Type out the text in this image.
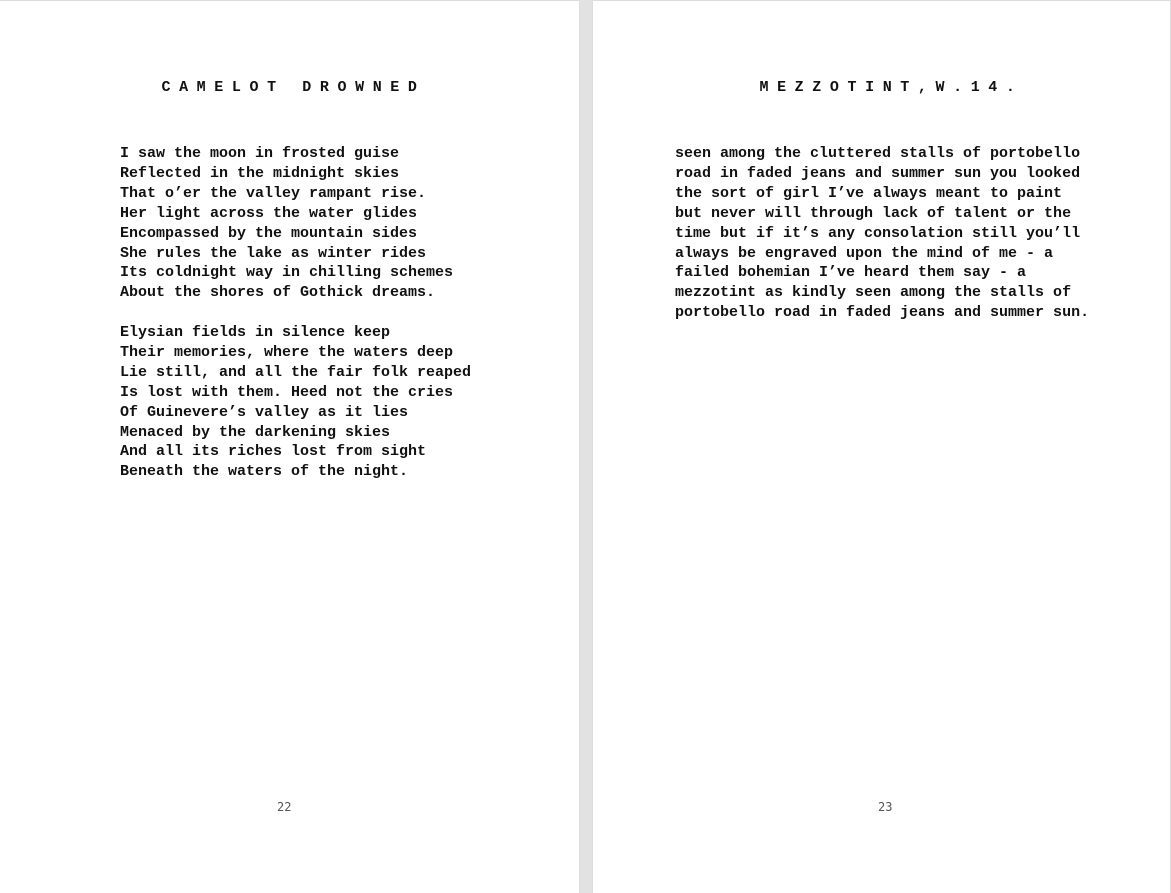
CAMELOT DROWNED

I saw the moon in frosted guise
Reflected in the midnight skies
That o’er the valley rampant rise.
Her light across the water glides
Encompassed by the mountain sides
She rules the lake as winter rides
Its coldnight way in chilling schemes
About the shores of Gothick dreams.

Elysian fields in silence keep
Their memories, where the waters deep
Lie still, and all the fair folk reaped
Is lost with them. Heed not the cries
Of Guinevere’s valley as it lies
Menaced by the darkening skies
And all its riches lost from sight
Beneath the waters of the night.

22

MEZZOTINT,W.14.

seen among the cluttered stalls of portobello
road in faded jeans and summer sun you looked
the sort of girl I’ve always meant to paint
but never will through lack of talent or the
time but if it’s any consolation still you’ll
always be engraved upon the mind of me - a
failed bohemian I’ve heard them say - a
mezzotint as kindly seen among the stalls of
portobello road in faded jeans and summer sun.

23
